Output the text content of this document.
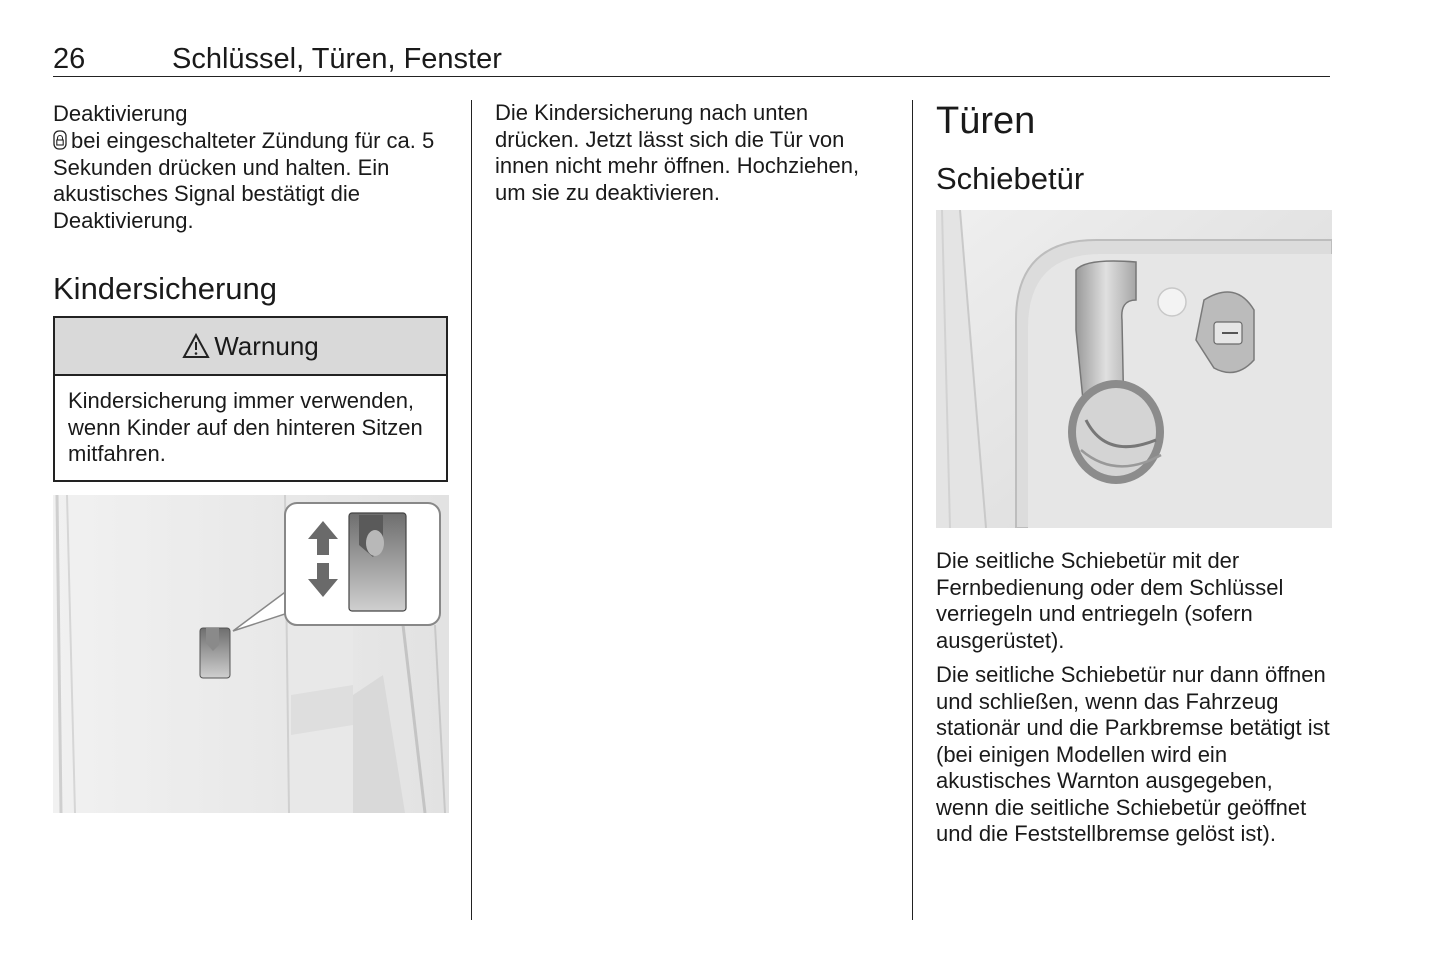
26	Schlüssel, Türen, Fenster

Deaktivierung

bei eingeschalteter Zündung für ca. 5 Sekunden drücken und halten. Ein akustisches Signal bestätigt die Deaktivierung.

Kindersicherung
Warnung
Kindersicherung immer verwenden, wenn Kinder auf den hinteren Sitzen mitfahren.

Die Kindersicherung nach unten drücken. Jetzt lässt sich die Tür von innen nicht mehr öffnen. Hochziehen, um sie zu deaktivieren.

Türen
Schiebetür

Die seitliche Schiebetür mit der Fernbedienung oder dem Schlüssel verriegeln und entriegeln (sofern ausgerüstet).

Die seitliche Schiebetür nur dann öffnen und schließen, wenn das Fahrzeug stationär und die Parkbremse betätigt ist (bei einigen Modellen wird ein akustisches Warnton ausgegeben, wenn die seitliche Schiebetür geöffnet und die Feststellbremse gelöst ist).
